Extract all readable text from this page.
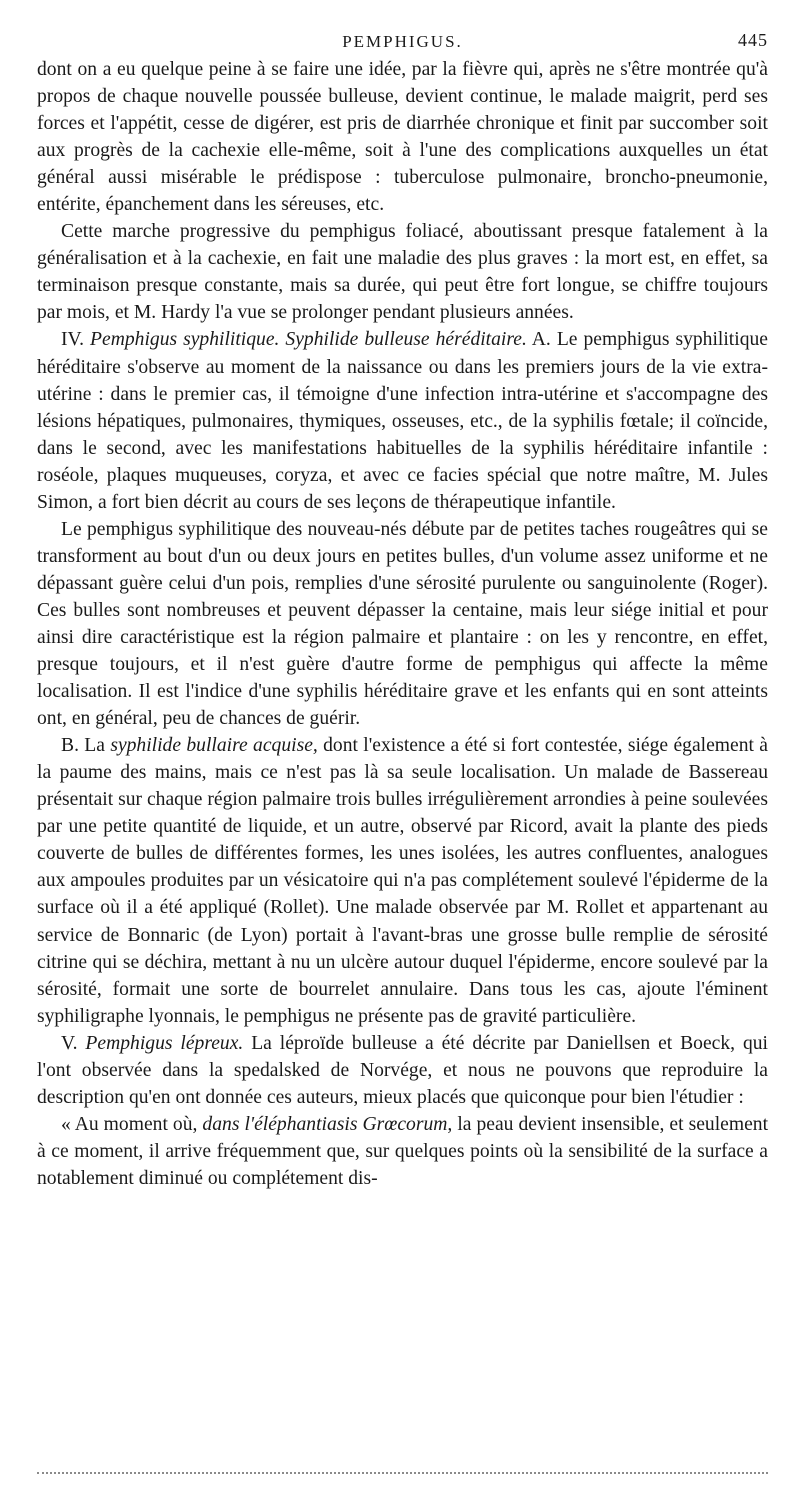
PEMPHIGUS.	445

dont on a eu quelque peine à se faire une idée, par la fièvre qui, après ne s'être montrée qu'à propos de chaque nouvelle poussée bulleuse, devient continue, le malade maigrit, perd ses forces et l'appétit, cesse de digérer, est pris de diarrhée chronique et finit par succomber soit aux progrès de la cachexie elle-même, soit à l'une des complications auxquelles un état général aussi misérable le prédispose : tuberculose pulmonaire, broncho-pneumonie, entérite, épanchement dans les séreuses, etc.

Cette marche progressive du pemphigus foliacé, aboutissant presque fatalement à la généralisation et à la cachexie, en fait une maladie des plus graves : la mort est, en effet, sa terminaison presque constante, mais sa durée, qui peut être fort longue, se chiffre toujours par mois, et M. Hardy l'a vue se prolonger pendant plusieurs années.

IV. Pemphigus syphilitique. Syphilide bulleuse héréditaire. A. Le pemphigus syphilitique héréditaire s'observe au moment de la naissance ou dans les premiers jours de la vie extra-utérine : dans le premier cas, il témoigne d'une infection intra-utérine et s'accompagne des lésions hépatiques, pulmonaires, thymiques, osseuses, etc., de la syphilis fœtale; il coïncide, dans le second, avec les manifestations habituelles de la syphilis héréditaire infantile : roséole, plaques muqueuses, coryza, et avec ce facies spécial que notre maître, M. Jules Simon, a fort bien décrit au cours de ses leçons de thérapeutique infantile.

Le pemphigus syphilitique des nouveau-nés débute par de petites taches rougeâtres qui se transforment au bout d'un ou deux jours en petites bulles, d'un volume assez uniforme et ne dépassant guère celui d'un pois, remplies d'une sérosité purulente ou sanguinolente (Roger). Ces bulles sont nombreuses et peuvent dépasser la centaine, mais leur siége initial et pour ainsi dire caractéristique est la région palmaire et plantaire : on les y rencontre, en effet, presque toujours, et il n'est guère d'autre forme de pemphigus qui affecte la même localisation. Il est l'indice d'une syphilis héréditaire grave et les enfants qui en sont atteints ont, en général, peu de chances de guérir.

B. La syphilide bullaire acquise, dont l'existence a été si fort contestée, siége également à la paume des mains, mais ce n'est pas là sa seule localisation. Un malade de Bassereau présentait sur chaque région palmaire trois bulles irrégulièrement arrondies à peine soulevées par une petite quantité de liquide, et un autre, observé par Ricord, avait la plante des pieds couverte de bulles de différentes formes, les unes isolées, les autres confluentes, analogues aux ampoules produites par un vésicatoire qui n'a pas complétement soulevé l'épiderme de la surface où il a été appliqué (Rollet). Une malade observée par M. Rollet et appartenant au service de Bonnaric (de Lyon) portait à l'avant-bras une grosse bulle remplie de sérosité citrine qui se déchira, mettant à nu un ulcère autour duquel l'épiderme, encore soulevé par la sérosité, formait une sorte de bourrelet annulaire. Dans tous les cas, ajoute l'éminent syphiligraphe lyonnais, le pemphigus ne présente pas de gravité particulière.

V. Pemphigus lépreux. La léproïde bulleuse a été décrite par Daniellsen et Boeck, qui l'ont observée dans la spedalsked de Norvége, et nous ne pouvons que reproduire la description qu'en ont donnée ces auteurs, mieux placés que quiconque pour bien l'étudier :

« Au moment où, dans l'éléphantiasis Grœcorum, la peau devient insensible, et seulement à ce moment, il arrive fréquemment que, sur quelques points où la sensibilité de la surface a notablement diminué ou complétement dis-
